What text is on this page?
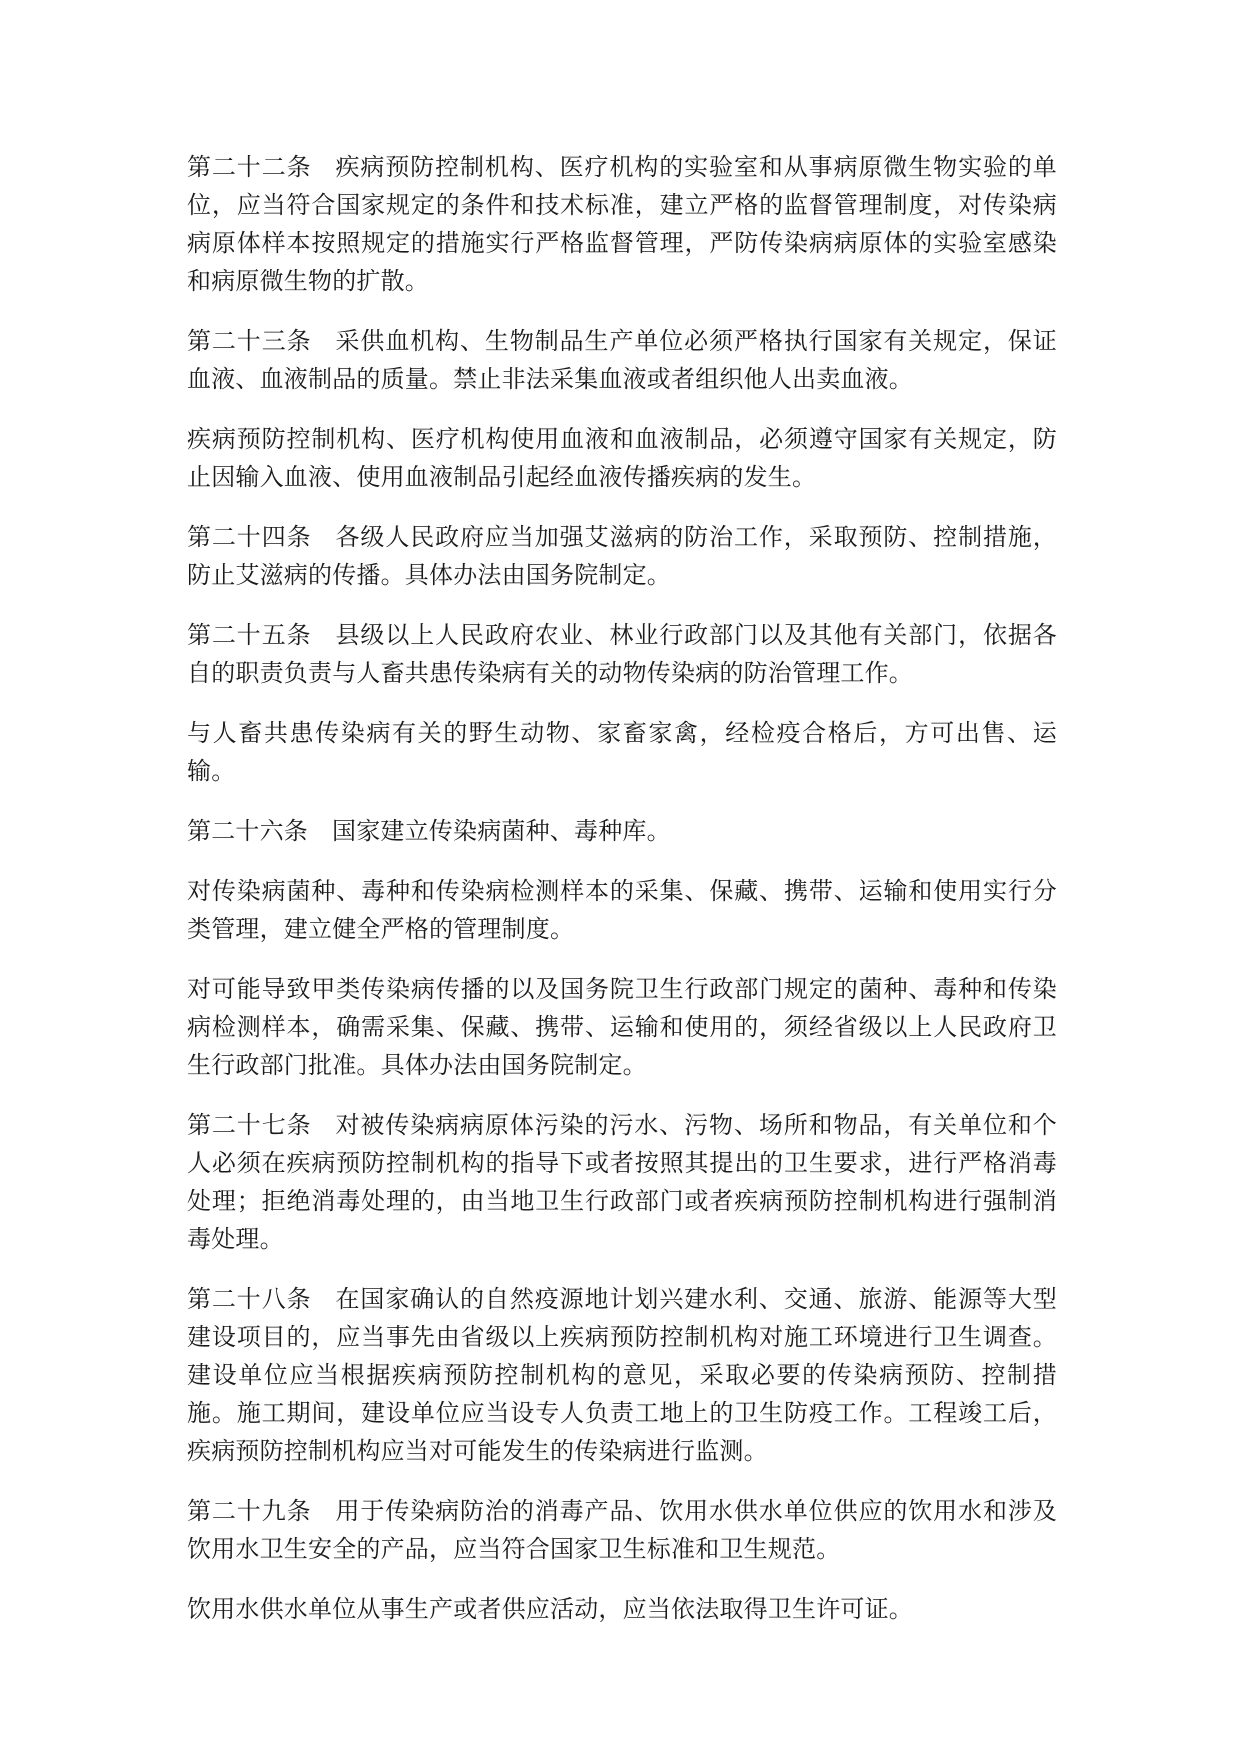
第二十二条 疾病预防控制机构、医疗机构的实验室和从事病原微生物实验的单位，应当符合国家规定的条件和技术标准，建立严格的监督管理制度，对传染病病原体样本按照规定的措施实行严格监督管理，严防传染病病原体的实验室感染和病原微生物的扩散。

第二十三条 采供血机构、生物制品生产单位必须严格执行国家有关规定，保证血液、血液制品的质量。禁止非法采集血液或者组织他人出卖血液。

疾病预防控制机构、医疗机构使用血液和血液制品，必须遵守国家有关规定，防止因输入血液、使用血液制品引起经血液传播疾病的发生。

第二十四条 各级人民政府应当加强艾滋病的防治工作，采取预防、控制措施，防止艾滋病的传播。具体办法由国务院制定。

第二十五条 县级以上人民政府农业、林业行政部门以及其他有关部门，依据各自的职责负责与人畜共患传染病有关的动物传染病的防治管理工作。

与人畜共患传染病有关的野生动物、家畜家禽，经检疫合格后，方可出售、运输。

第二十六条 国家建立传染病菌种、毒种库。

对传染病菌种、毒种和传染病检测样本的采集、保藏、携带、运输和使用实行分类管理，建立健全严格的管理制度。

对可能导致甲类传染病传播的以及国务院卫生行政部门规定的菌种、毒种和传染病检测样本，确需采集、保藏、携带、运输和使用的，须经省级以上人民政府卫生行政部门批准。具体办法由国务院制定。

第二十七条 对被传染病病原体污染的污水、污物、场所和物品，有关单位和个人必须在疾病预防控制机构的指导下或者按照其提出的卫生要求，进行严格消毒处理；拒绝消毒处理的，由当地卫生行政部门或者疾病预防控制机构进行强制消毒处理。

第二十八条 在国家确认的自然疫源地计划兴建水利、交通、旅游、能源等大型建设项目的，应当事先由省级以上疾病预防控制机构对施工环境进行卫生调查。建设单位应当根据疾病预防控制机构的意见，采取必要的传染病预防、控制措施。施工期间，建设单位应当设专人负责工地上的卫生防疫工作。工程竣工后，疾病预防控制机构应当对可能发生的传染病进行监测。

第二十九条 用于传染病防治的消毒产品、饮用水供水单位供应的饮用水和涉及饮用水卫生安全的产品，应当符合国家卫生标准和卫生规范。

饮用水供水单位从事生产或者供应活动，应当依法取得卫生许可证。
